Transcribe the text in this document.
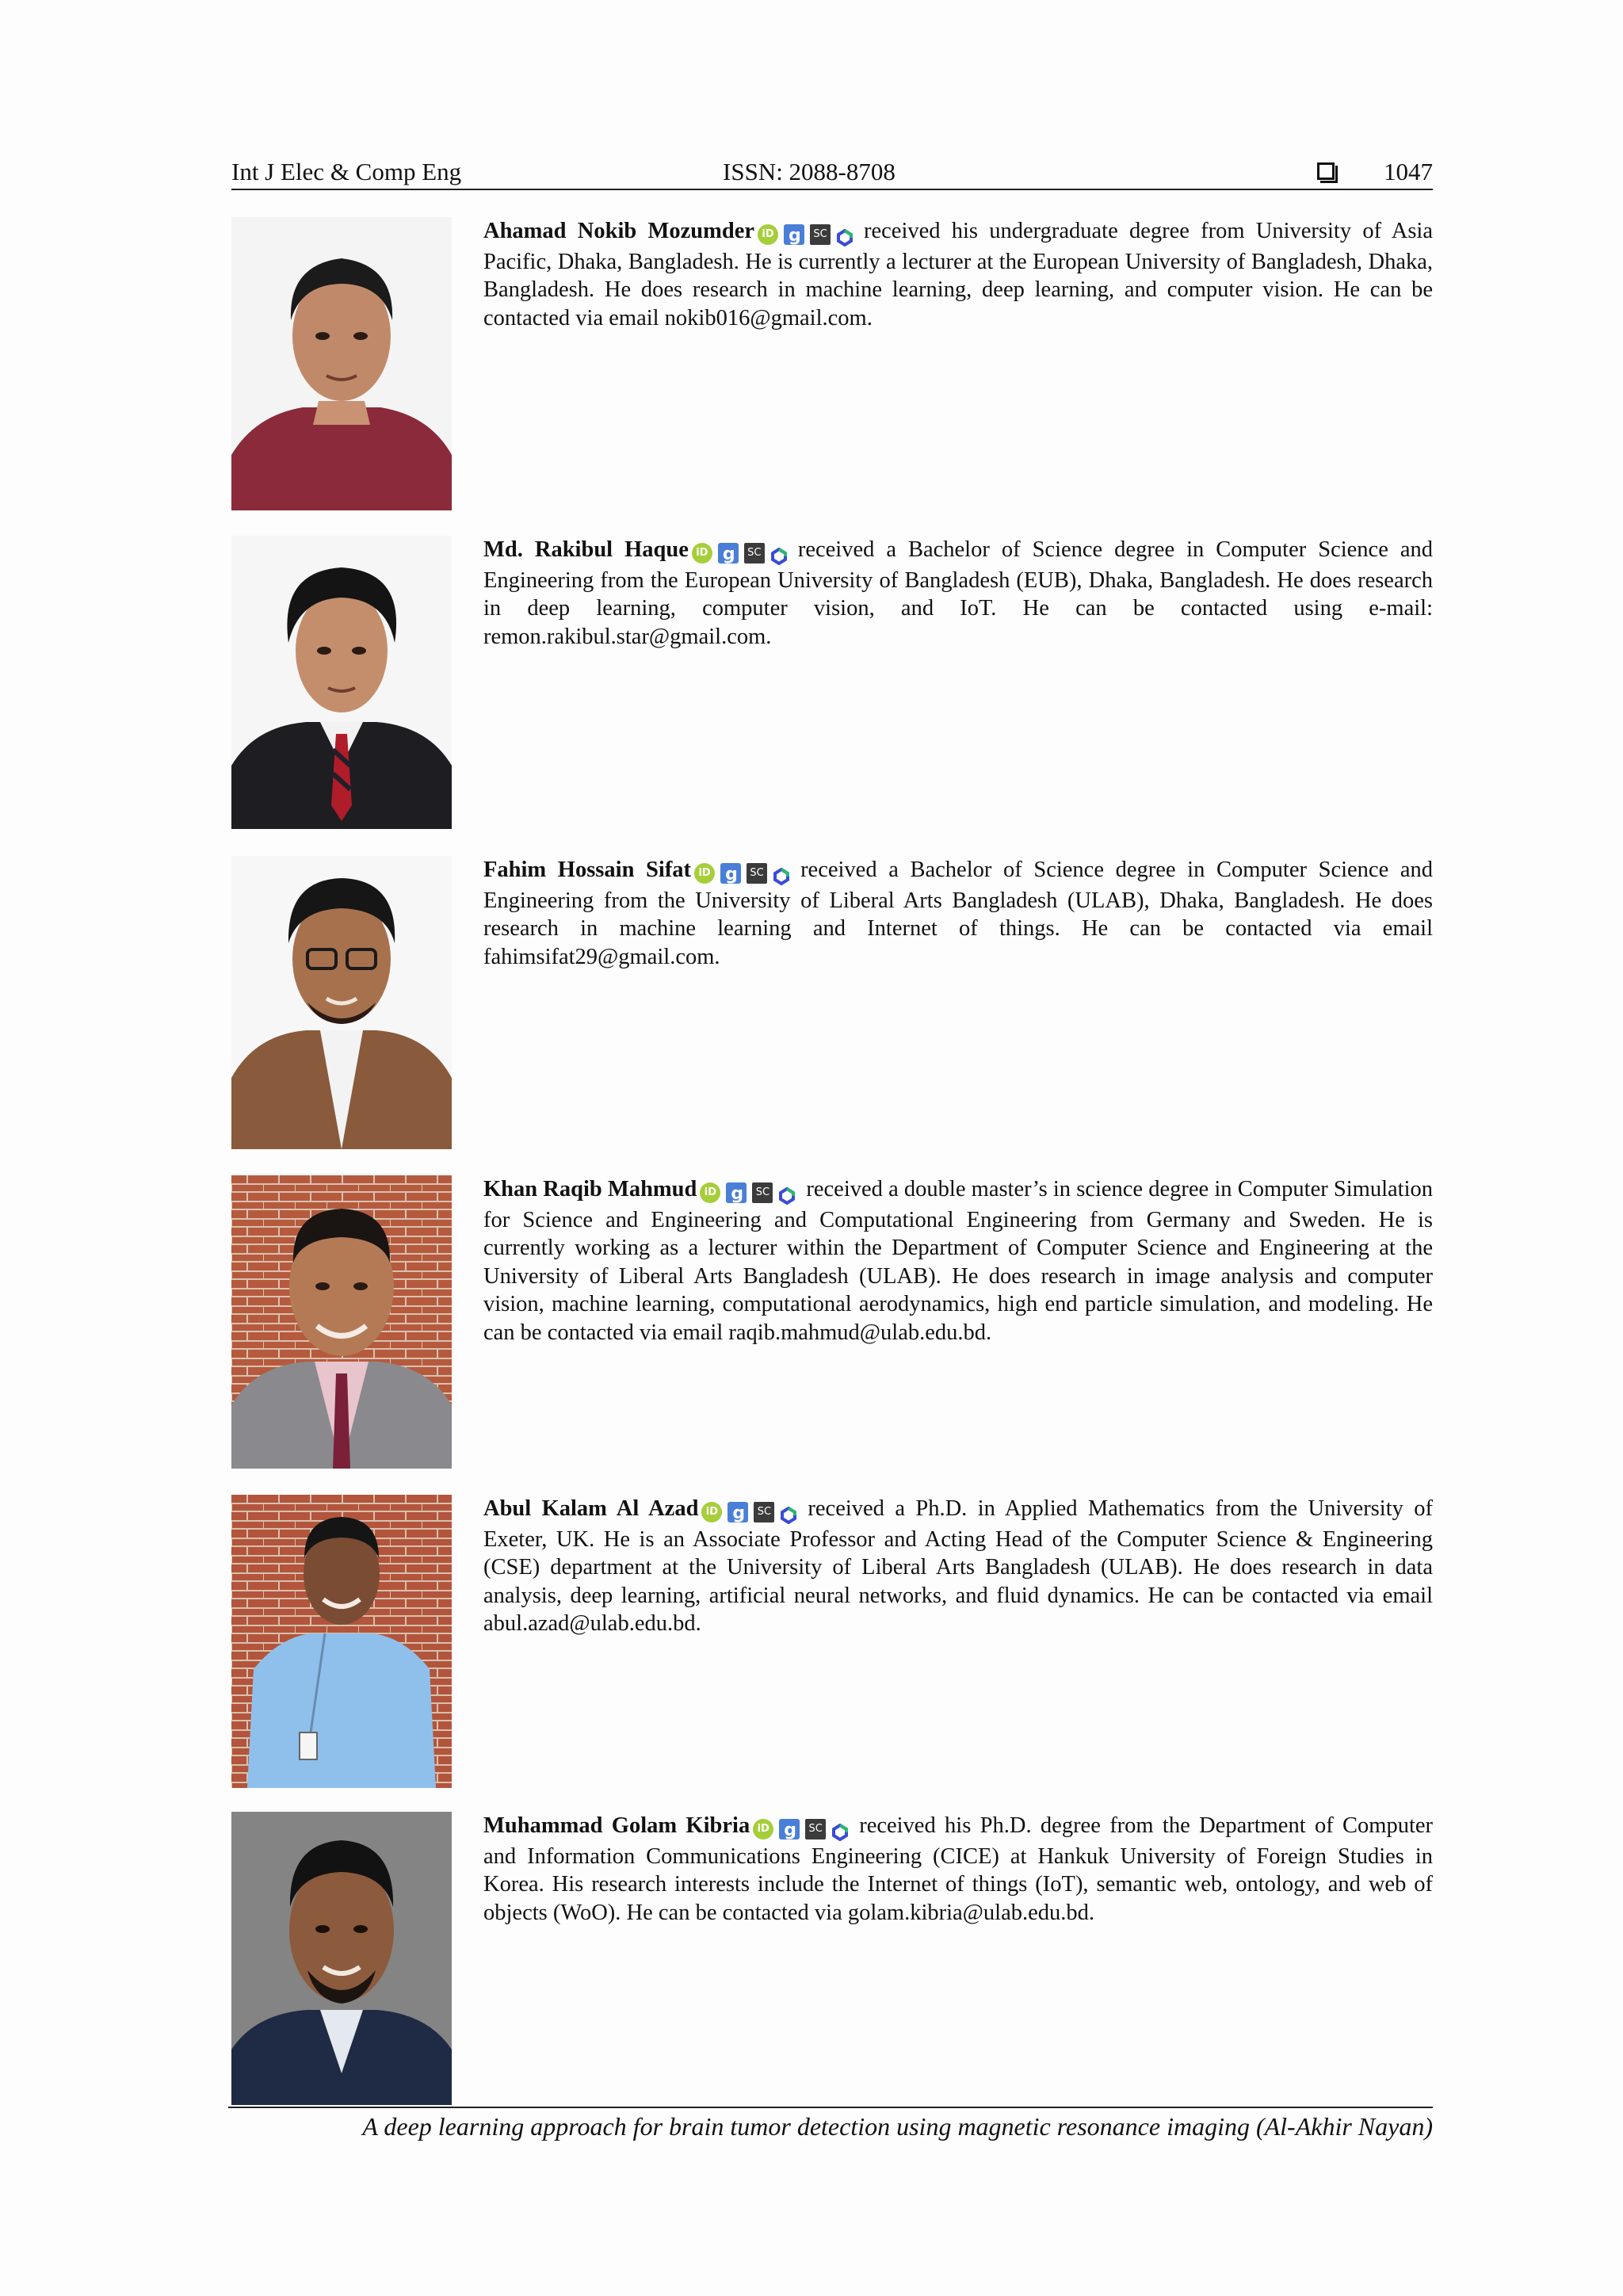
Int J Elec & Comp Eng	ISSN: 2088-8708	1047
Ahamad Nokib Mozumder iD g	SC received his undergraduate degree from University of Asia Pacific, Dhaka, Bangladesh. He is currently a lecturer at the European University of Bangladesh, Dhaka, Bangladesh. He does research in machine learning, deep learning, and computer vision. He can be contacted via email nokib016@gmail.com.
Md. Rakibul Haque iD g	SC received a Bachelor of Science degree in Computer Science and Engineering from the European University of Bangladesh (EUB), Dhaka, Bangladesh. He does research in deep learning, computer vision, and IoT. He can be contacted using e-mail: remon.rakibul.star@gmail.com.
Fahim Hossain Sifat iD g	SC received a Bachelor of Science degree in Computer Science and Engineering from the University of Liberal Arts Bangladesh (ULAB), Dhaka, Bangladesh. He does research in machine learning and Internet of things. He can be contacted via email fahimsifat29@gmail.com.
Khan Raqib Mahmud iD g	SC received a double master’s in science degree in Computer Simulation for Science and Engineering and Computational Engineering from Germany and Sweden. He is currently working as a lecturer within the Department of Computer Science and Engineering at the University of Liberal Arts Bangladesh (ULAB). He does research in image analysis and computer vision, machine learning, computational aerodynamics, high end particle simulation, and modeling. He can be contacted via email raqib.mahmud@ulab.edu.bd.
Abul Kalam Al Azad iD g	SC received a Ph.D. in Applied Mathematics from the University of Exeter, UK. He is an Associate Professor and Acting Head of the Computer Science & Engineering (CSE) department at the University of Liberal Arts Bangladesh (ULAB). He does research in data analysis, deep learning, artificial neural networks, and fluid dynamics. He can be contacted via email abul.azad@ulab.edu.bd.
Muhammad Golam Kibria iD g	SC received his Ph.D. degree from the Department of Computer and Information Communications Engineering (CICE) at Hankuk University of Foreign Studies in Korea. His research interests include the Internet of things (IoT), semantic web, ontology, and web of objects (WoO). He can be contacted via golam.kibria@ulab.edu.bd.
A deep learning approach for brain tumor detection using magnetic resonance imaging (Al-Akhir Nayan)
